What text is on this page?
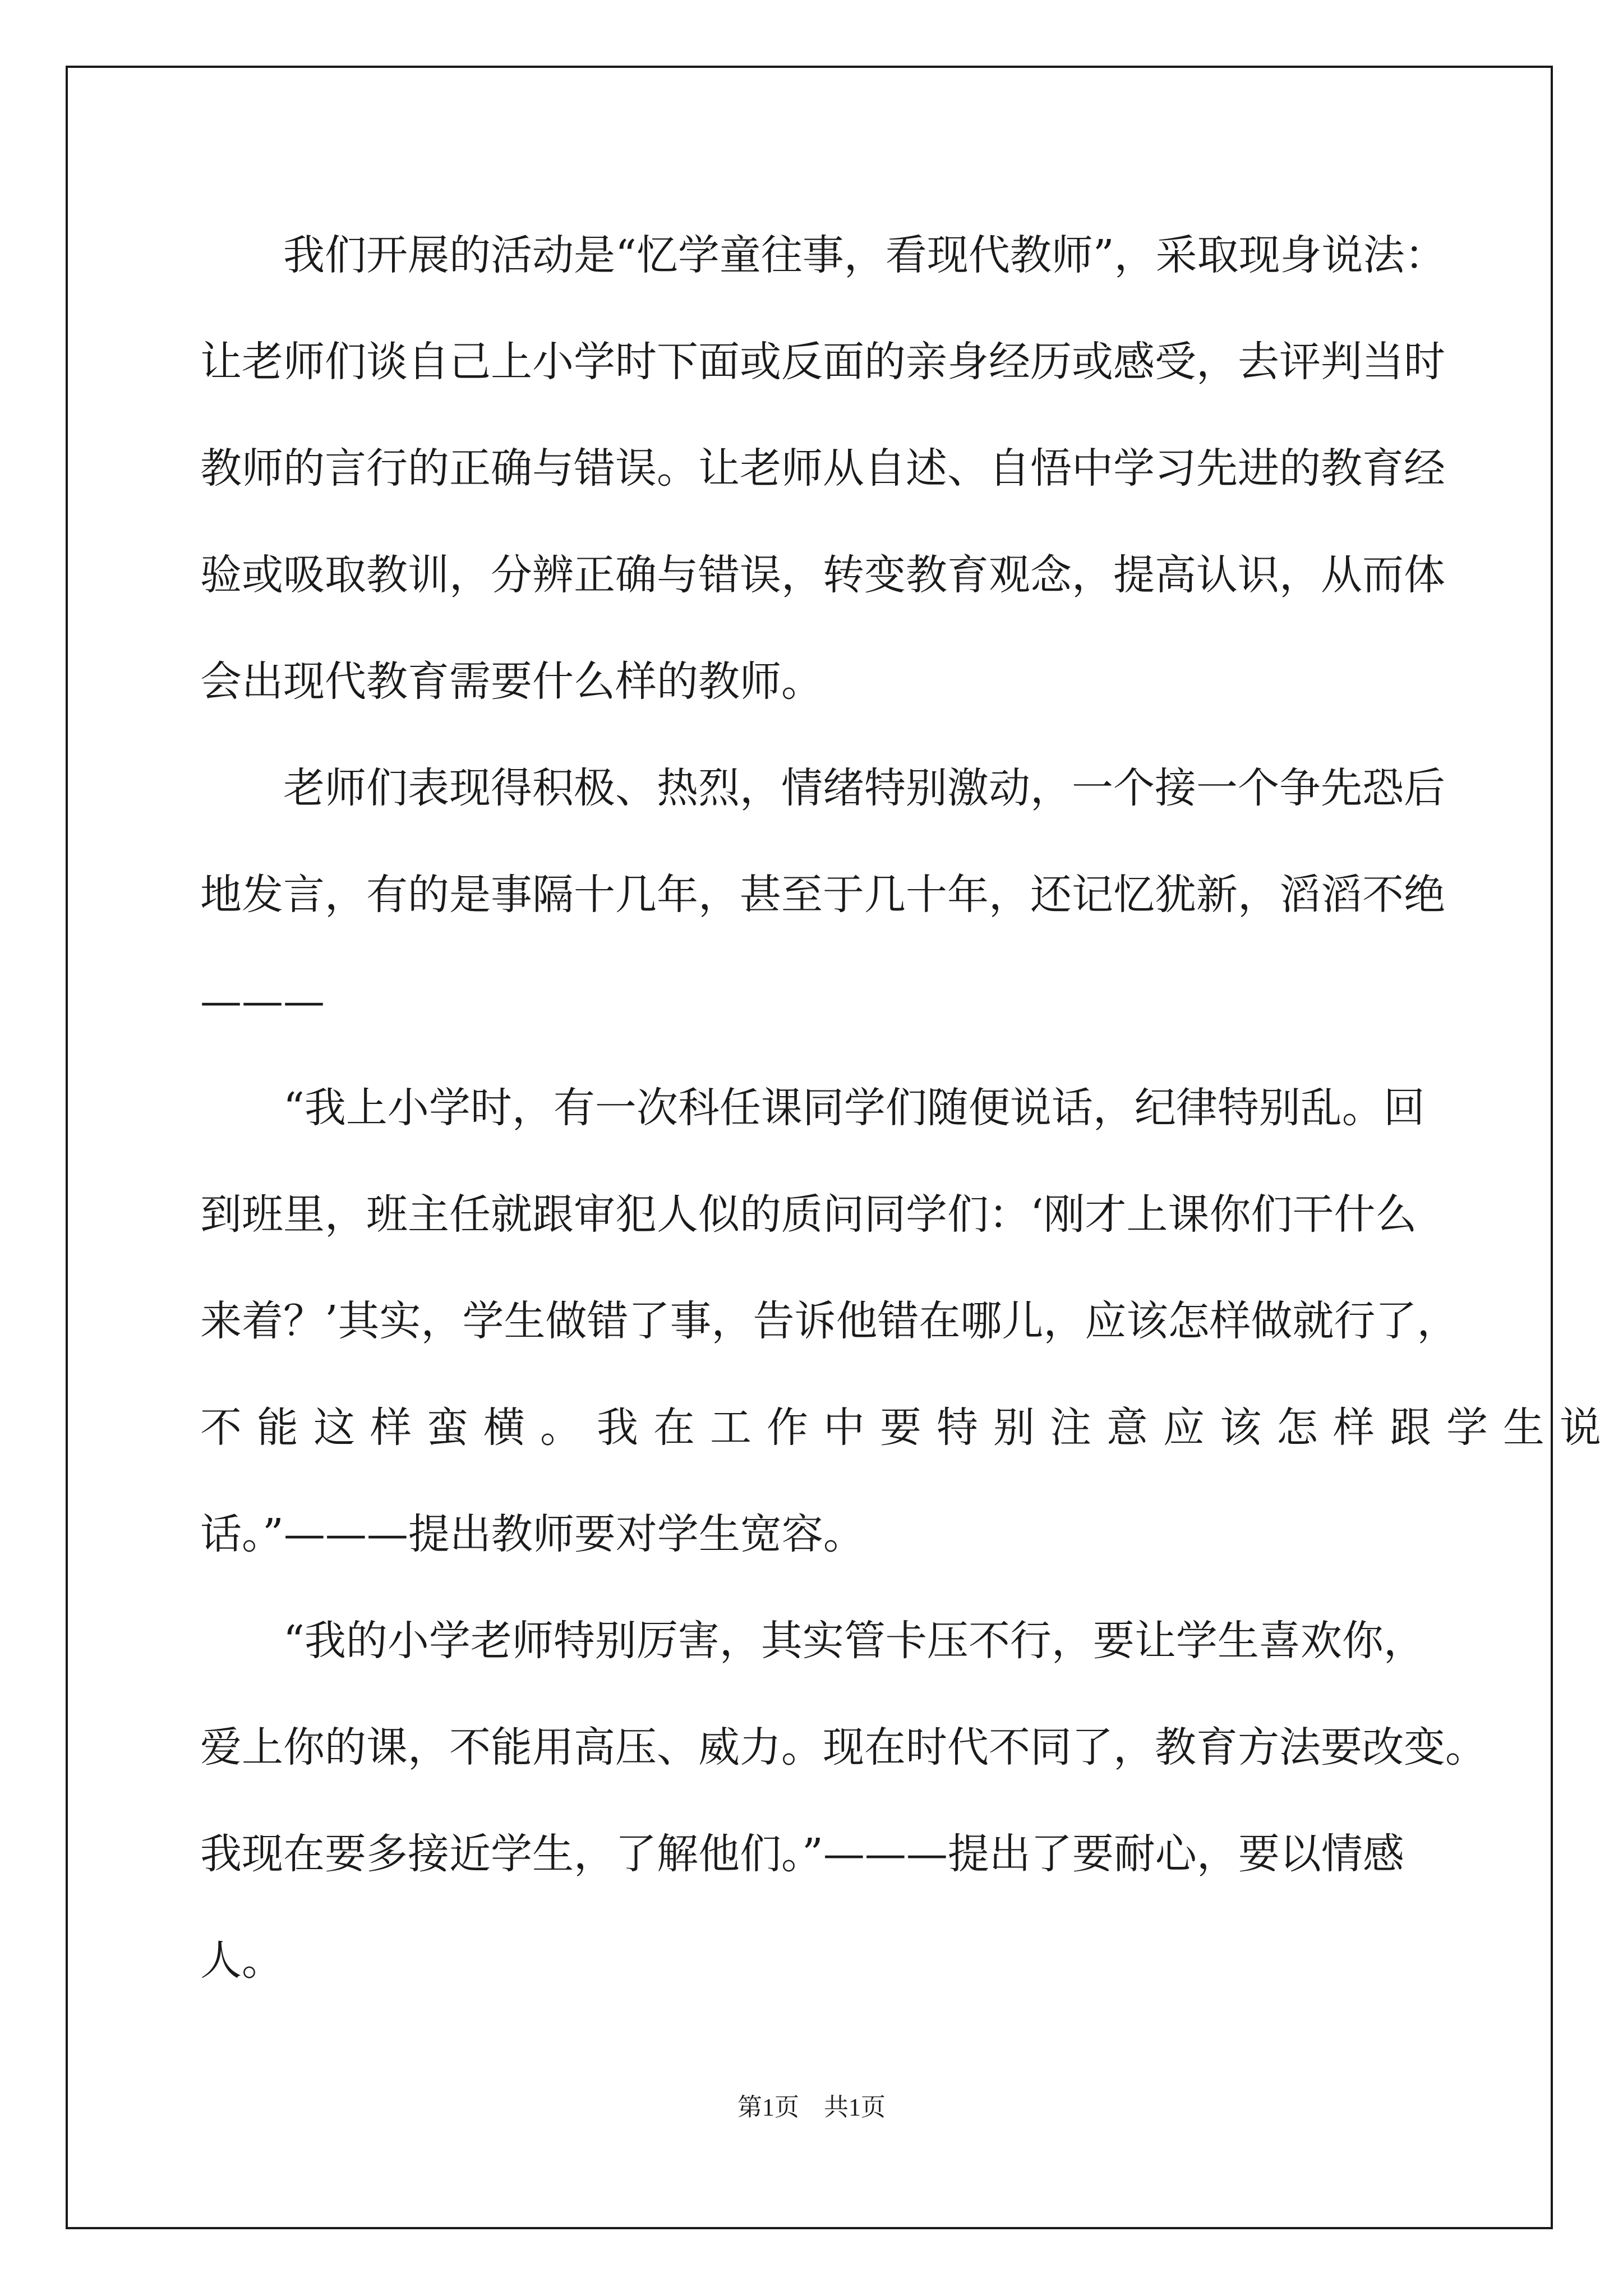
我们开展的活动是“忆学童往事，看现代教师”，采取现身说法：
让老师们谈自己上小学时下面或反面的亲身经历或感受，去评判当时
教师的言行的正确与错误。让老师从自述、自悟中学习先进的教育经
验或吸取教训，分辨正确与错误，转变教育观念，提高认识，从而体
会出现代教育需要什么样的教师。

老师们表现得积极、热烈，情绪特别激动，一个接一个争先恐后
地发言，有的是事隔十几年，甚至于几十年，还记忆犹新，滔滔不绝
———

“我上小学时，有一次科任课同学们随便说话，纪律特别乱。回
到班里，班主任就跟审犯人似的质问同学们：‘刚才上课你们干什么
来着？’其实，学生做错了事，告诉他错在哪儿，应该怎样做就行了，
不能这样蛮横。我在工作中要特别注意应该怎样跟学生说
话。”———提出教师要对学生宽容。

“我的小学老师特别厉害，其实管卡压不行，要让学生喜欢你，
爱上你的课，不能用高压、威力。现在时代不同了，教育方法要改变。
我现在要多接近学生，了解他们。”———提出了要耐心，要以情感
人。

第1页　共1页
